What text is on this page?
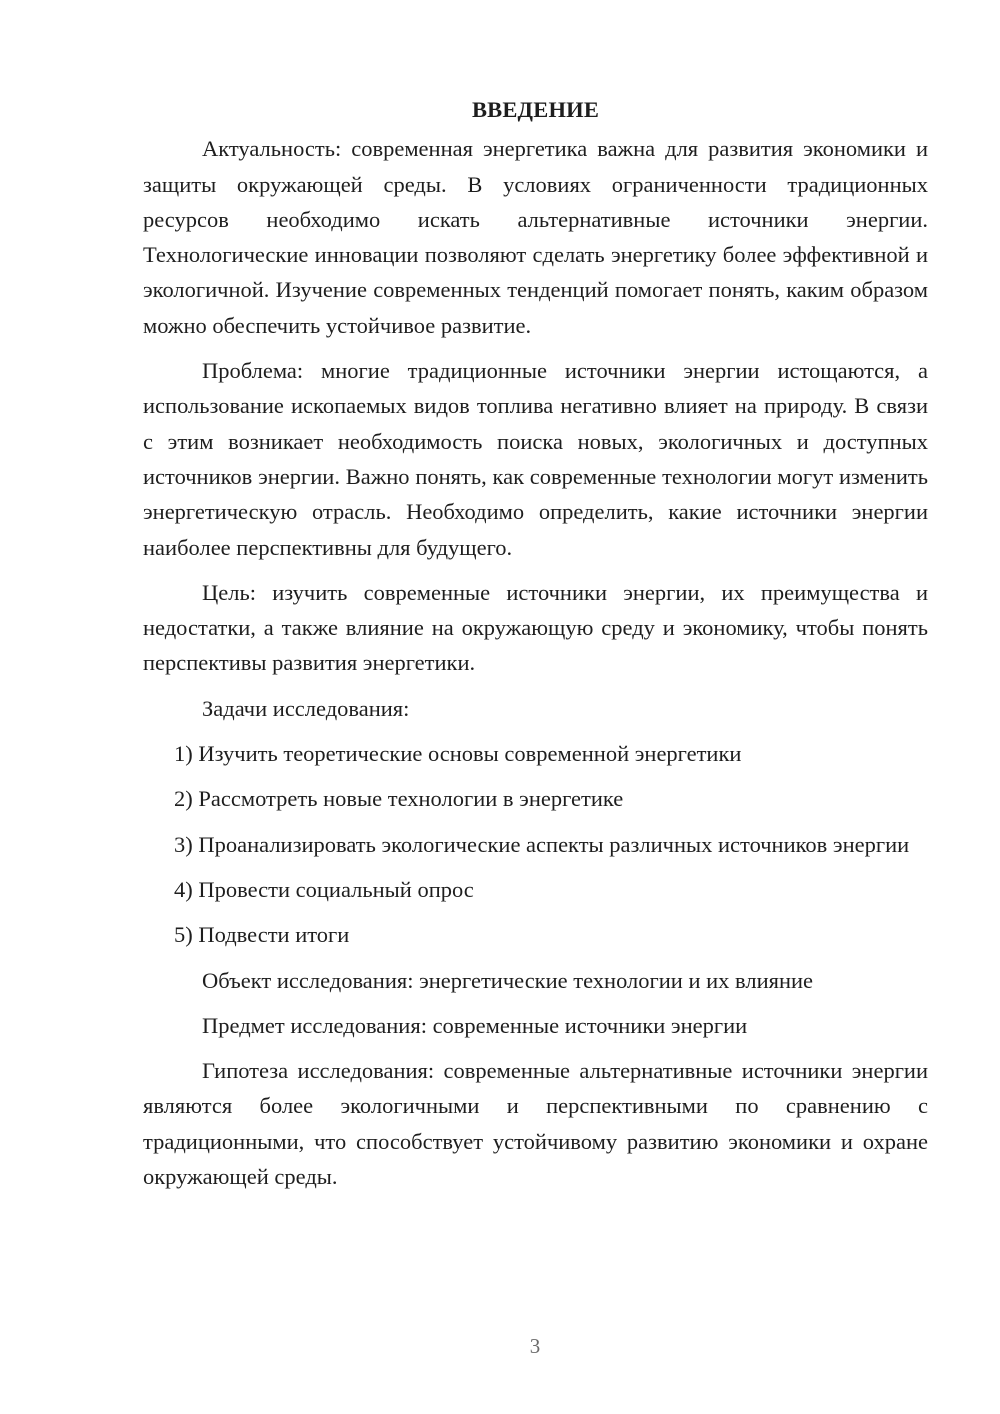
ВВЕДЕНИЕ

Актуальность: современная энергетика важна для развития экономики и защиты окружающей среды. В условиях ограниченности традиционных ресурсов необходимо искать альтернативные источники энергии. Технологические инновации позволяют сделать энергетику более эффективной и экологичной. Изучение современных тенденций помогает понять, каким образом можно обеспечить устойчивое развитие.

Проблема: многие традиционные источники энергии истощаются, а использование ископаемых видов топлива негативно влияет на природу. В связи с этим возникает необходимость поиска новых, экологичных и доступных источников энергии. Важно понять, как современные технологии могут изменить энергетическую отрасль. Необходимо определить, какие источники энергии наиболее перспективны для будущего.

Цель: изучить современные источники энергии, их преимущества и недостатки, а также влияние на окружающую среду и экономику, чтобы понять перспективы развития энергетики.

Задачи исследования:

1) Изучить теоретические основы современной энергетики

2) Рассмотреть новые технологии в энергетике

3) Проанализировать экологические аспекты различных источников энергии

4) Провести социальный опрос

5) Подвести итоги

Объект исследования: энергетические технологии и их влияние

Предмет исследования: современные источники энергии

Гипотеза исследования: современные альтернативные источники энергии являются более экологичными и перспективными по сравнению с традиционными, что способствует устойчивому развитию экономики и охране окружающей среды.

3
